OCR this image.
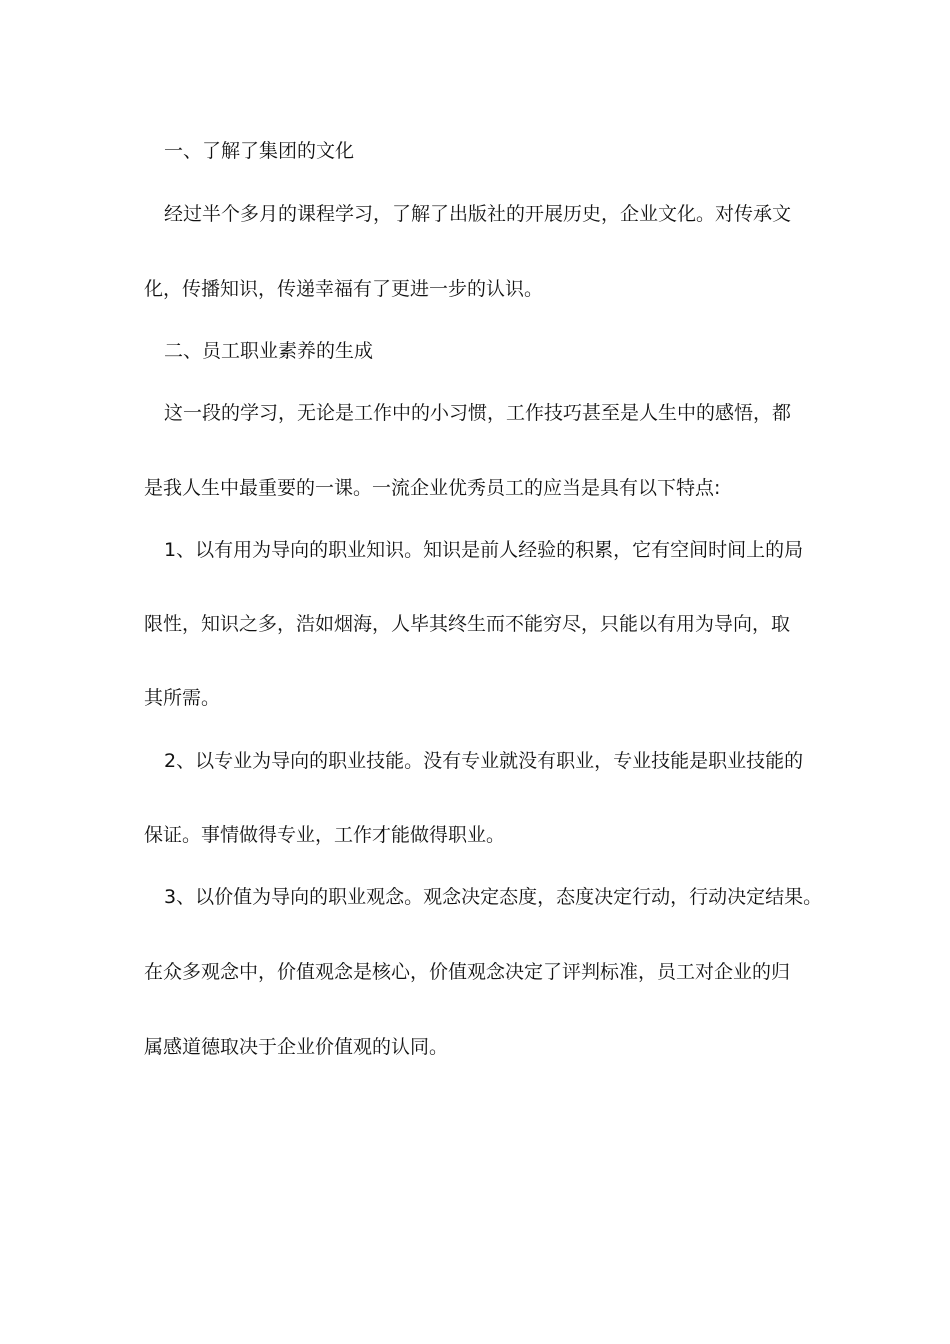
一、了解了集团的文化
经过半个多月的课程学习，了解了出版社的开展历史，企业文化。对传承文
化，传播知识，传递幸福有了更进一步的认识。
二、员工职业素养的生成
这一段的学习，无论是工作中的小习惯，工作技巧甚至是人生中的感悟，都
是我人生中最重要的一课。一流企业优秀员工的应当是具有以下特点:
1、以有用为导向的职业知识。知识是前人经验的积累，它有空间时间上的局
限性，知识之多，浩如烟海，人毕其终生而不能穷尽，只能以有用为导向，取
其所需。
2、以专业为导向的职业技能。没有专业就没有职业，专业技能是职业技能的
保证。事情做得专业，工作才能做得职业。
3、以价值为导向的职业观念。观念决定态度，态度决定行动，行动决定结果。
在众多观念中，价值观念是核心，价值观念决定了评判标准，员工对企业的归
属感道德取决于企业价值观的认同。
